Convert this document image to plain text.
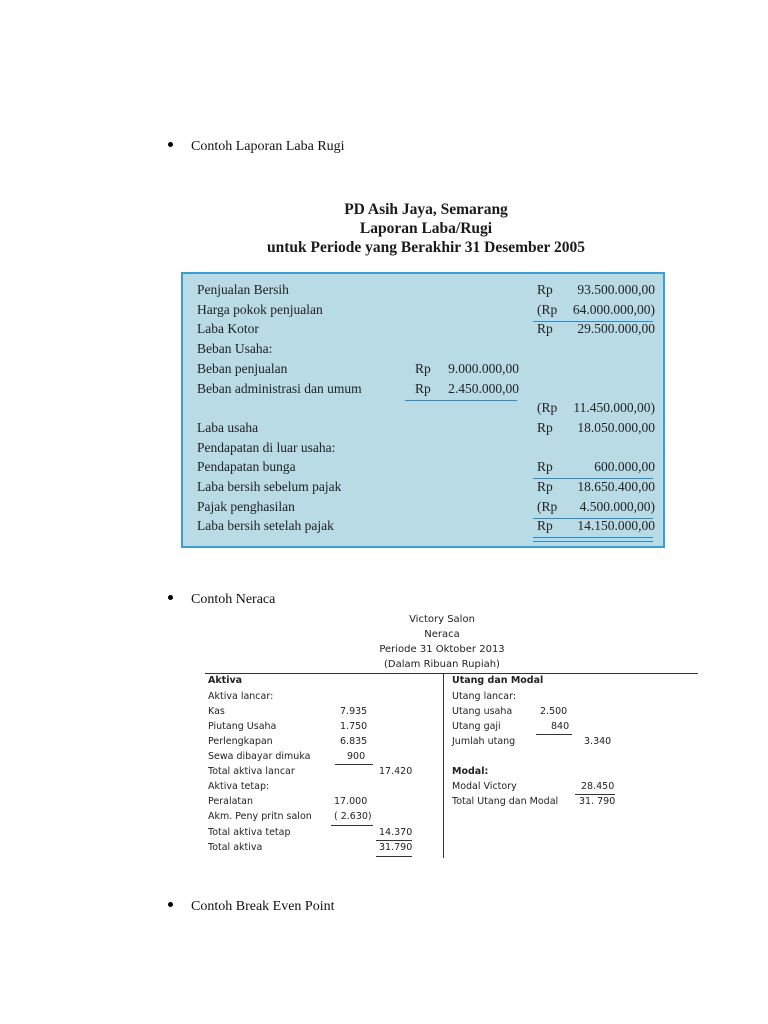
Contoh Laporan Laba Rugi
PD Asih Jaya, Semarang
Laporan Laba/Rugi
untuk Periode yang Berakhir 31 Desember 2005
Penjualan Bersih	Rp 93.500.000,00
Harga pokok penjualan	(Rp 64.000.000,00)
Laba Kotor	Rp 29.500.000,00
Beban Usaha:
Beban penjualan	Rp 9.000.000,00
Beban administrasi dan umum	Rp 2.450.000,00
(Rp 11.450.000,00)
Laba usaha	Rp 18.050.000,00
Pendapatan di luar usaha:
Pendapatan bunga	Rp	600.000,00
Laba bersih sebelum pajak	Rp 18.650.400,00
Pajak penghasilan	(Rp 4.500.000,00)
Laba bersih setelah pajak	Rp 14.150.000,00
Contoh Neraca
Victory Salon
Neraca
Periode 31 Oktober 2013
(Dalam Ribuan Rupiah)
Aktiva
Aktiva lancar:
Kas	7.935
Piutang Usaha	1.750
Perlengkapan	6.835
Sewa dibayar dimuka	900
Total aktiva lancar	17.420
Aktiva tetap:
Peralatan	17.000
Akm. Peny pritn salon ( 2.630)
Total aktiva tetap	14.370
Total aktiva	31.790
Utang dan Modal
Utang lancar:
Utang usaha	2.500
Utang gaji	840
Jumlah utang	3.340
Modal:
Modal Victory	28.450
Total Utang dan Modal 31. 790
Contoh Break Even Point
